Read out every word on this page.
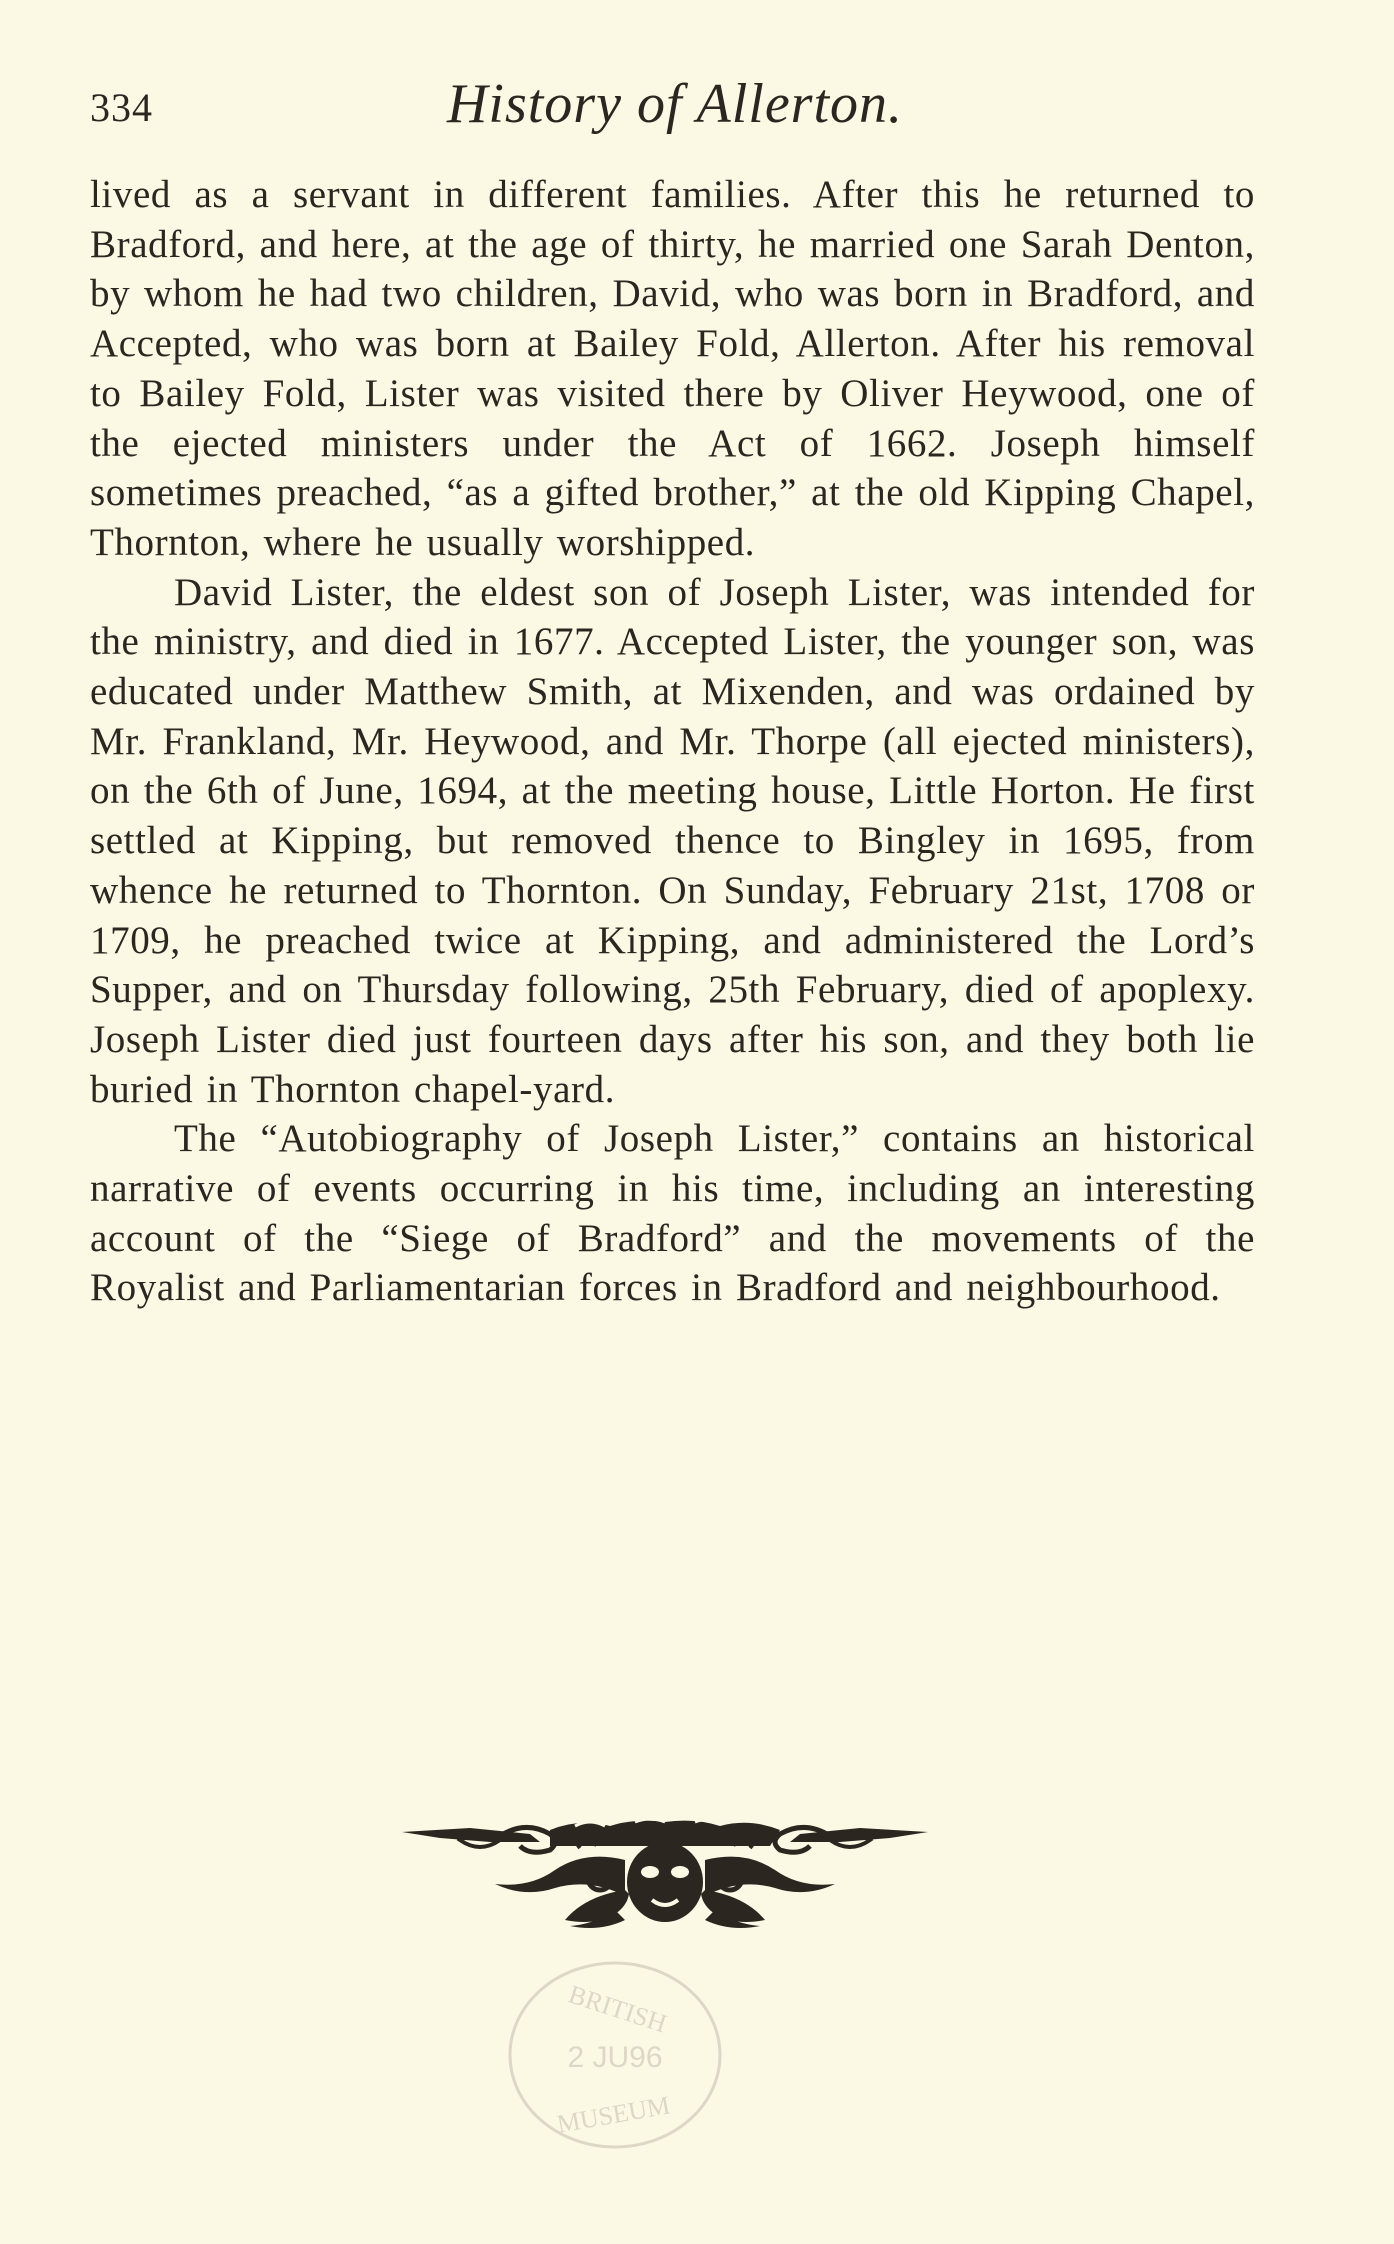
334	History of Allerton.

lived as a servant in different families. After this he returned to Bradford, and here, at the age of thirty, he married one Sarah Denton, by whom he had two children, David, who was born in Bradford, and Accepted, who was born at Bailey Fold, Allerton. After his removal to Bailey Fold, Lister was visited there by Oliver Heywood, one of the ejected ministers under the Act of 1662. Joseph himself sometimes preached, “as a gifted brother,” at the old Kipping Chapel, Thornton, where he usually worshipped.

David Lister, the eldest son of Joseph Lister, was intended for the ministry, and died in 1677. Accepted Lister, the younger son, was educated under Matthew Smith, at Mixenden, and was ordained by Mr. Frankland, Mr. Heywood, and Mr. Thorpe (all ejected ministers), on the 6th of June, 1694, at the meeting house, Little Horton. He first settled at Kipping, but removed thence to Bingley in 1695, from whence he returned to Thornton. On Sunday, February 21st, 1708 or 1709, he preached twice at Kipping, and administered the Lord’s Supper, and on Thursday following, 25th February, died of apoplexy. Joseph Lister died just fourteen days after his son, and they both lie buried in Thornton chapel-yard.

The “Autobiography of Joseph Lister,” contains an historical narrative of events occurring in his time, including an interesting account of the “Siege of Bradford” and the movements of the Royalist and Parliamentarian forces in Bradford and neighbourhood.

BRITISH
2 JU96
MUSEUM
